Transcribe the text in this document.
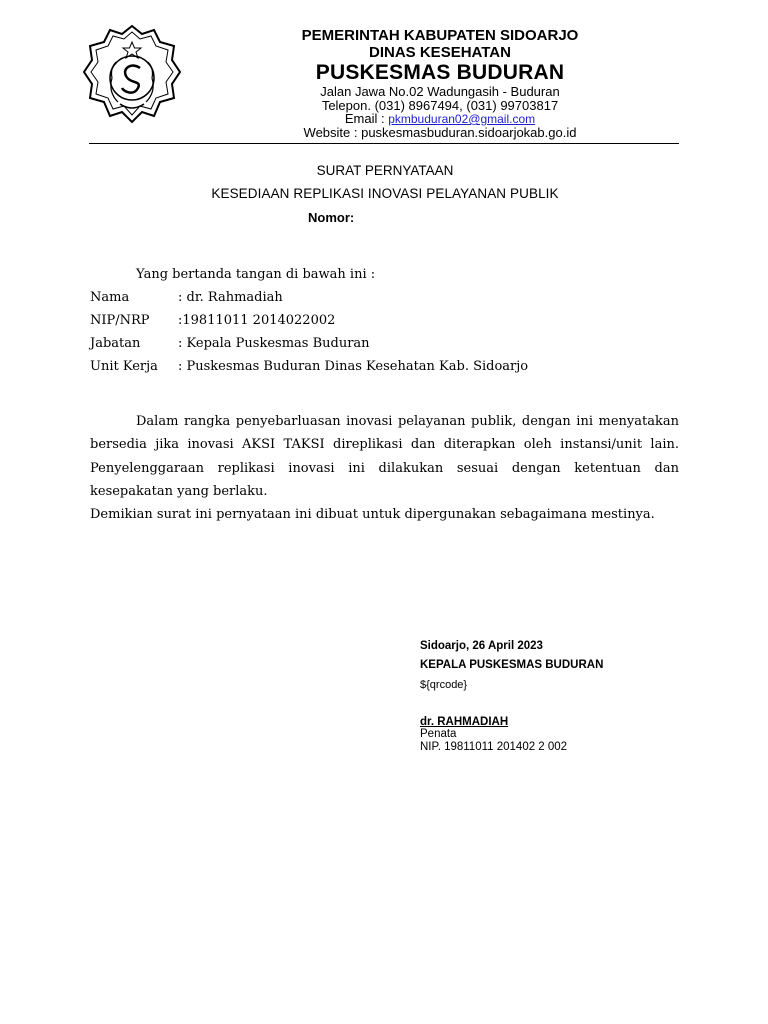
PEMERINTAH KABUPATEN SIDOARJO
DINAS KESEHATAN
PUSKESMAS BUDURAN
Jalan Jawa No.02 Wadungasih - Buduran
Telepon. (031) 8967494, (031) 99703817
Email : pkmbuduran02@gmail.com
Website : puskesmasbuduran.sidoarjokab.go.id
SURAT PERNYATAAN
KESEDIAAN REPLIKASI INOVASI PELAYANAN PUBLIK
Nomor:
Yang bertanda tangan di bawah ini :
Nama	: dr. Rahmadiah
NIP/NRP :19811011 2014022002
Jabatan	: Kepala Puskesmas Buduran
Unit Kerja : Puskesmas Buduran Dinas Kesehatan Kab. Sidoarjo

Dalam rangka penyebarluasan inovasi pelayanan publik, dengan ini menyatakan bersedia jika inovasi AKSI TAKSI direplikasi dan diterapkan oleh instansi/unit lain. Penyelenggaraan replikasi inovasi ini dilakukan sesuai dengan ketentuan dan kesepakatan yang berlaku.

Demikian surat ini pernyataan ini dibuat untuk dipergunakan sebagaimana mestinya.

Sidoarjo, 26 April 2023
KEPALA PUSKESMAS BUDURAN
${qrcode}
dr. RAHMADIAH
Penata
NIP. 19811011 201402 2 002
